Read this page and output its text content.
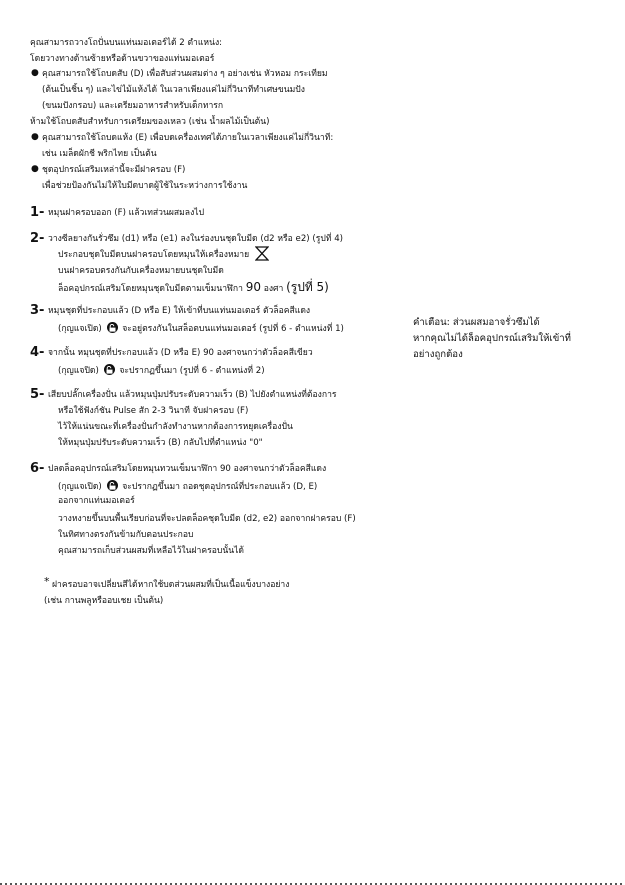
คุณสามารถวางโถปั่นบนแท่นมอเตอร์ได้ 2 ตำแหน่ง:
โดยวางทางด้านซ้ายหรือด้านขวาของแท่นมอเตอร์
● คุณสามารถใช้โถบดสับ (D) เพื่อสับส่วนผสมต่าง ๆ อย่างเช่น หัวหอม กระเทียม
(ต้นเป็นชิ้น ๆ) และไข่ไม้แห้งได้ ในเวลาเพียงแค่ไม่กี่วินาทีทำเศษขนมปัง
(ขนมปังกรอบ) และเตรียมอาหารสำหรับเด็กทารก
ห้ามใช้โถบดสับสำหรับการเตรียมของเหลว (เช่น น้ำผลไม้เป็นต้น)
● คุณสามารถใช้โถบดแห้ง (E) เพื่อบดเครื่องเทศได้ภายในเวลาเพียงแค่ไม่กี่วินาที:
เช่น เมล็ดผักชี พริกไทย เป็นต้น
● ชุดอุปกรณ์เสริมเหล่านี้จะมีฝาครอบ (F)
เพื่อช่วยป้องกันไม่ให้ใบมีดบาดผู้ใช้ในระหว่างการใช้งาน
1- หมุนฝาครอบออก (F) แล้วเทส่วนผสมลงไป
2- วางซีลยางกันรั่วซึม (d1) หรือ (e1) ลงในร่องบนชุดใบมีด (d2 หรือ e2) (รูปที่ 4)
ประกอบชุดใบมีดบนฝาครอบโดยหมุนให้เครื่องหมาย
บนฝาครอบตรงกันกับเครื่องหมายบนชุดใบมีด
ล็อคอุปกรณ์เสริมโดยหมุนชุดใบมีดตามเข็มนาฬิกา 90 องศา (รูปที่ 5)
3- หมุนชุดที่ประกอบแล้ว (D หรือ E) ให้เข้าที่บนแท่นมอเตอร์ ตัวล็อคสีแดง
(กุญแจเปิด) จะอยู่ตรงกันในสล็อตบนแท่นมอเตอร์ (รูปที่ 6 - ตำแหน่งที่ 1)
4- จากนั้น หมุนชุดที่ประกอบแล้ว (D หรือ E) 90 องศาจนกว่าตัวล็อคสีเขียว
(กุญแจปิด) จะปรากฏขึ้นมา (รูปที่ 6 - ตำแหน่งที่ 2)
5- เสียบปลั๊กเครื่องปั่น แล้วหมุนปุ่มปรับระดับความเร็ว (B) ไปยังตำแหน่งที่ต้องการ
หรือใช้ฟังก์ชัน Pulse สัก 2-3 วินาที จับฝาครอบ (F)
ไว้ให้แน่นขณะที่เครื่องปั่นกำลังทำงานหากต้องการหยุดเครื่องปั่น
ให้หมุนปุ่มปรับระดับความเร็ว (B) กลับไปที่ตำแหน่ง "0"
6- ปลดล็อคอุปกรณ์เสริมโดยหมุนทวนเข็มนาฬิกา 90 องศาจนกว่าตัวล็อคสีแดง
(กุญแจเปิด) จะปรากฏขึ้นมา ถอดชุดอุปกรณ์ที่ประกอบแล้ว (D, E)
ออกจากแท่นมอเตอร์
วางหงายขึ้นบนพื้นเรียบก่อนที่จะปลดล็อคชุดใบมีด (d2, e2) ออกจากฝาครอบ (F)
ในทิศทางตรงกันข้ามกับตอนประกอบ
คุณสามารถเก็บส่วนผสมที่เหลือไว้ในฝาครอบนั้นได้
* ฝาครอบอาจเปลี่ยนสีได้หากใช้บดส่วนผสมที่เป็นเนื้อแข็งบางอย่าง
(เช่น กานพลูหรืออบเชย เป็นต้น)
คำเตือน: ส่วนผสมอาจรั่วซึมได้
หากคุณไม่ได้ล็อคอุปกรณ์เสริมให้เข้าที่
อย่างถูกต้อง
